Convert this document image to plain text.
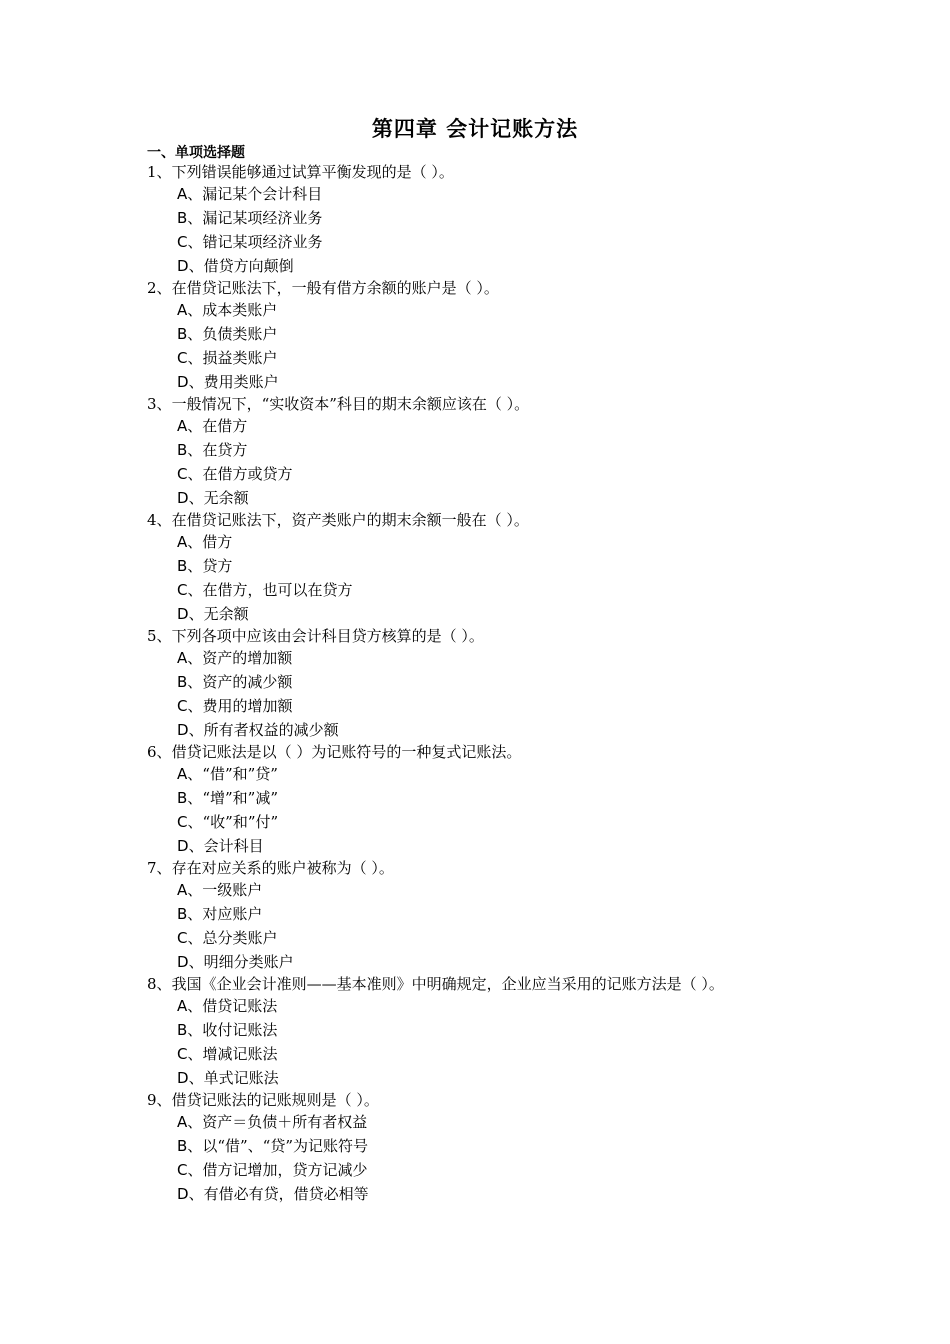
第四章 会计记账方法
一、单项选择题
1、下列错误能够通过试算平衡发现的是（ ）。
A、漏记某个会计科目
B、漏记某项经济业务
C、错记某项经济业务
D、借贷方向颠倒
2、在借贷记账法下，一般有借方余额的账户是（ ）。
A、成本类账户
B、负债类账户
C、损益类账户
D、费用类账户
3、一般情况下，“实收资本”科目的期末余额应该在（ ）。
A、在借方
B、在贷方
C、在借方或贷方
D、无余额
4、在借贷记账法下，资产类账户的期末余额一般在（ ）。
A、借方
B、贷方
C、在借方，也可以在贷方
D、无余额
5、下列各项中应该由会计科目贷方核算的是（ ）。
A、资产的增加额
B、资产的减少额
C、费用的增加额
D、所有者权益的减少额
6、借贷记账法是以（ ）为记账符号的一种复式记账法。
A、“借”和”贷”
B、“增”和”减”
C、“收”和”付”
D、会计科目
7、存在对应关系的账户被称为（ ）。
A、一级账户
B、对应账户
C、总分类账户
D、明细分类账户
8、我国《企业会计准则——基本准则》中明确规定，企业应当采用的记账方法是（ ）。
A、借贷记账法
B、收付记账法
C、增减记账法
D、单式记账法
9、借贷记账法的记账规则是（ ）。
A、资产＝负债＋所有者权益
B、以“借”、“贷”为记账符号
C、借方记增加，贷方记减少
D、有借必有贷，借贷必相等
